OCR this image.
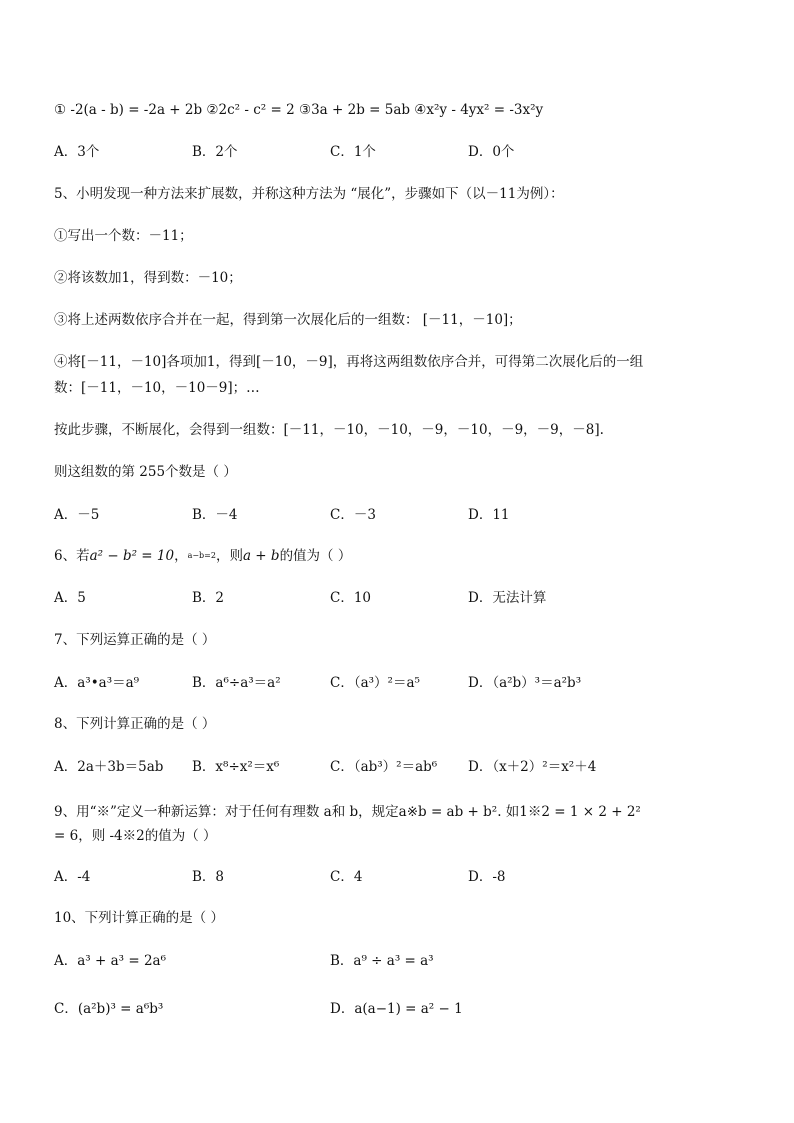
① -2(a - b) = -2a + 2b ②2c² - c² = 2 ③3a + 2b = 5ab ④x²y - 4yx² = -3x²y
A．3个	B．2个	C．1个	D．0个
5、小明发现一种方法来扩展数，并称这种方法为 “展化”，步骤如下（以－11为例）：
①写出一个数：－11；
②将该数加1，得到数：－10；
③将上述两数依序合并在一起，得到第一次展化后的一组数： [－11，－10]；
④将[－11，－10]各项加1，得到[－10，－9]，再将这两组数依序合并，可得第二次展化后的一组
数：[－11，－10，－10－9]；…
按此步骤，不断展化，会得到一组数：[－11，－10，－10，－9，－10，－9，－9，－8].
则这组数的第 255个数是（ ）
A．－5	B．－4	C．－3	D．11
6、若a² − b² = 10，a−b=2，则a + b的值为（ ）
A．5	B．2	C．10	D．无法计算
7、下列运算正确的是（ ）
A．a³•a³＝a⁹	B．a⁶÷a³＝a²	C．（a³）²＝a⁵	D．（a²b）³＝a²b³
8、下列计算正确的是（ ）
A．2a＋3b＝5ab B．x⁸÷x²＝x⁶	C．（ab³）²＝ab⁶ D．（x＋2）²＝x²＋4
9、用“※”定义一种新运算：对于任何有理数 a和 b，规定a※b = ab + b². 如1※2 = 1 × 2 + 2²
= 6，则 -4※2的值为（ ）
A．-4	B．8	C．4	D．-8
10、下列计算正确的是（ ）
A．a³ + a³ = 2a⁶	B．a⁹ ÷ a³ = a³
C．(a²b)³ = a⁶b³	D．a(a−1) = a² − 1
